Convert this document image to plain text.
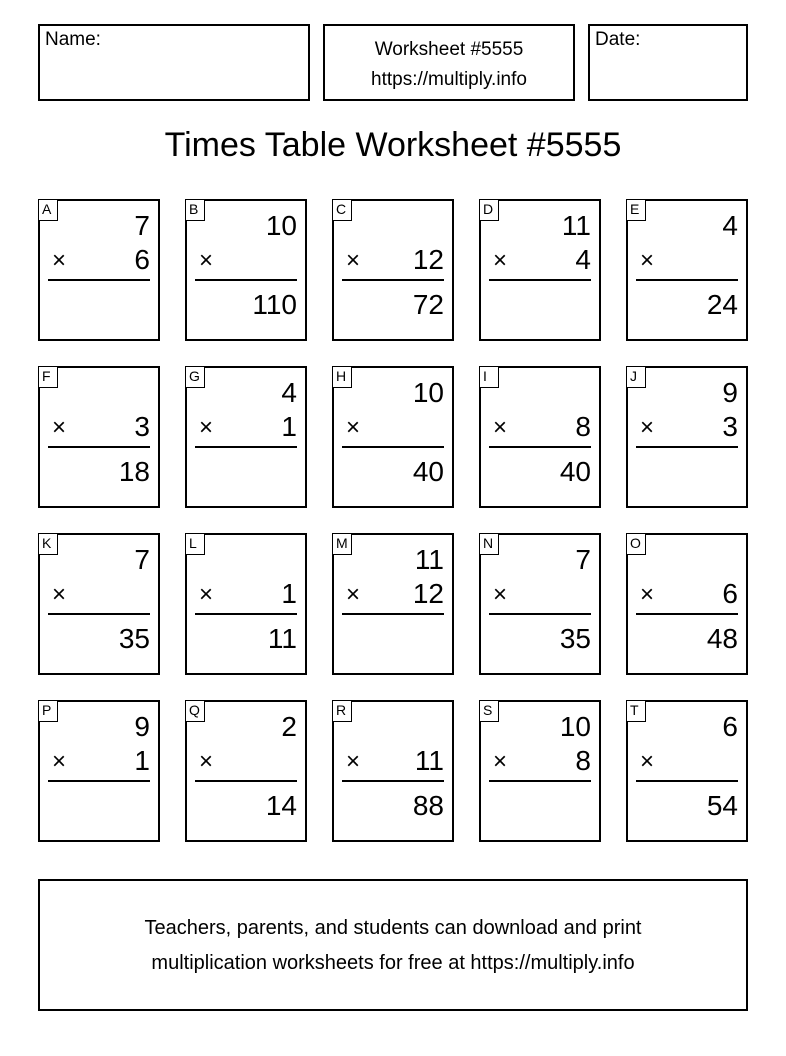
Name:	Worksheet #5555
https://multiply.info
Date:
Times Table Worksheet #5555
A
7
× 6
B
10
×
110
C
× 12
72
D
11
× 4
E
4
×
24
F
× 3
18
G
4
× 1
H
10
×
40
I
× 8
40
J
9
× 3
K
7
×
35
L
× 1
11
M
11
× 12
N
7
×
35
O
× 6
48
P
9
× 1
Q
2
×
14
R
× 11
88
S
10
× 8
T
6
×
54
Teachers, parents, and students can download and print
multiplication worksheets for free at https://multiply.info
